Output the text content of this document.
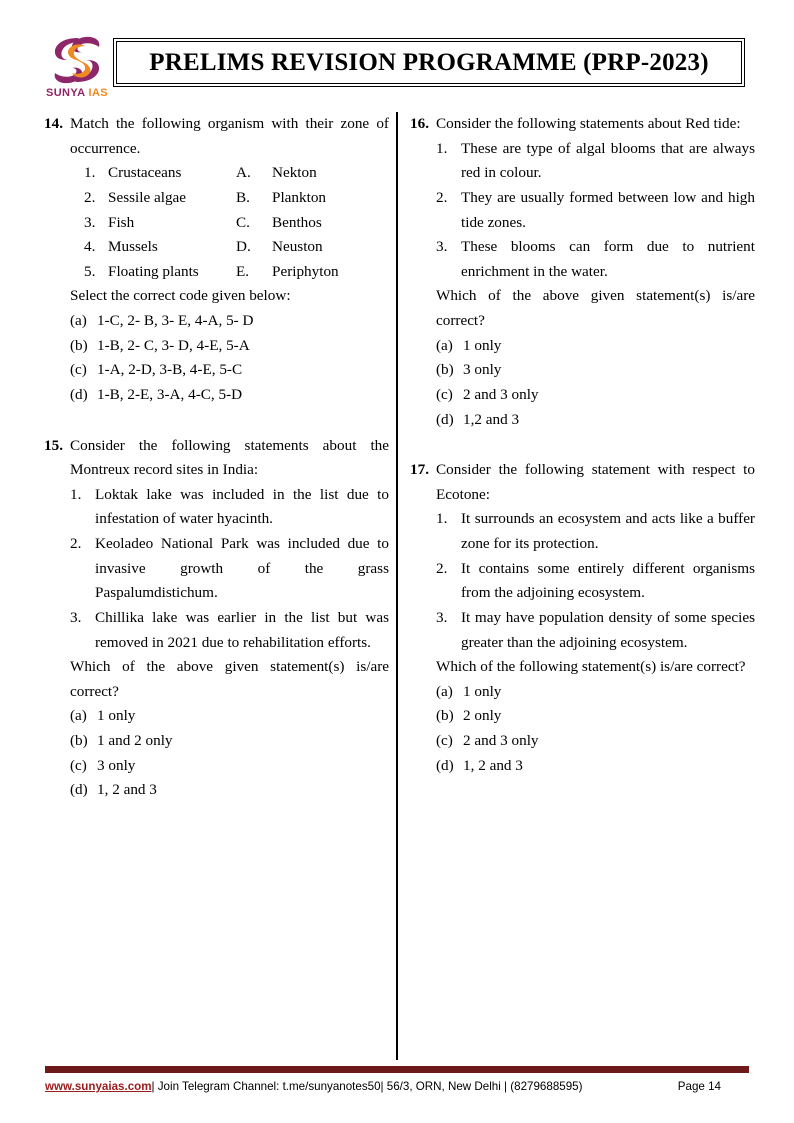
SUNYA IAS
PRELIMS REVISION PROGRAMME (PRP-2023)
14. Match the following organism with their zone of occurrence.
1. Crustaceans	A.	Nekton
2. Sessile algae	B.	Plankton
3. Fish	C.	Benthos
4. Mussels	D.	Neuston
5. Floating plants	E.	Periphyton
Select the correct code given below:
(a) 1-C, 2- B, 3- E, 4-A, 5- D
(b) 1-B, 2- C, 3- D, 4-E, 5-A
(c) 1-A, 2-D, 3-B, 4-E, 5-C
(d) 1-B, 2-E, 3-A, 4-C, 5-D
15. Consider the following statements about the Montreux record sites in India:
1. Loktak lake was included in the list due to infestation of water hyacinth.
2. Keoladeo National Park was included due to invasive growth of the grass Paspalumdistichum.
3. Chillika lake was earlier in the list but was removed in 2021 due to rehabilitation efforts.
Which of the above given statement(s) is/are correct?
(a) 1 only
(b) 1 and 2 only
(c) 3 only
(d) 1, 2 and 3
16. Consider the following statements about Red tide:
1. These are type of algal blooms that are always red in colour.
2. They are usually formed between low and high tide zones.
3. These blooms can form due to nutrient enrichment in the water.
Which of the above given statement(s) is/are correct?
(a) 1 only
(b) 3 only
(c) 2 and 3 only
(d) 1,2 and 3
17. Consider the following statement with respect to Ecotone:
1. It surrounds an ecosystem and acts like a buffer zone for its protection.
2. It contains some entirely different organisms from the adjoining ecosystem.
3. It may have population density of some species greater than the adjoining ecosystem.
Which of the following statement(s) is/are correct?
(a) 1 only
(b) 2 only
(c) 2 and 3 only
(d) 1, 2 and 3
www.sunyaias.com| Join Telegram Channel: t.me/sunyanotes50| 56/3, ORN, New Delhi | (8279688595)	Page 14
